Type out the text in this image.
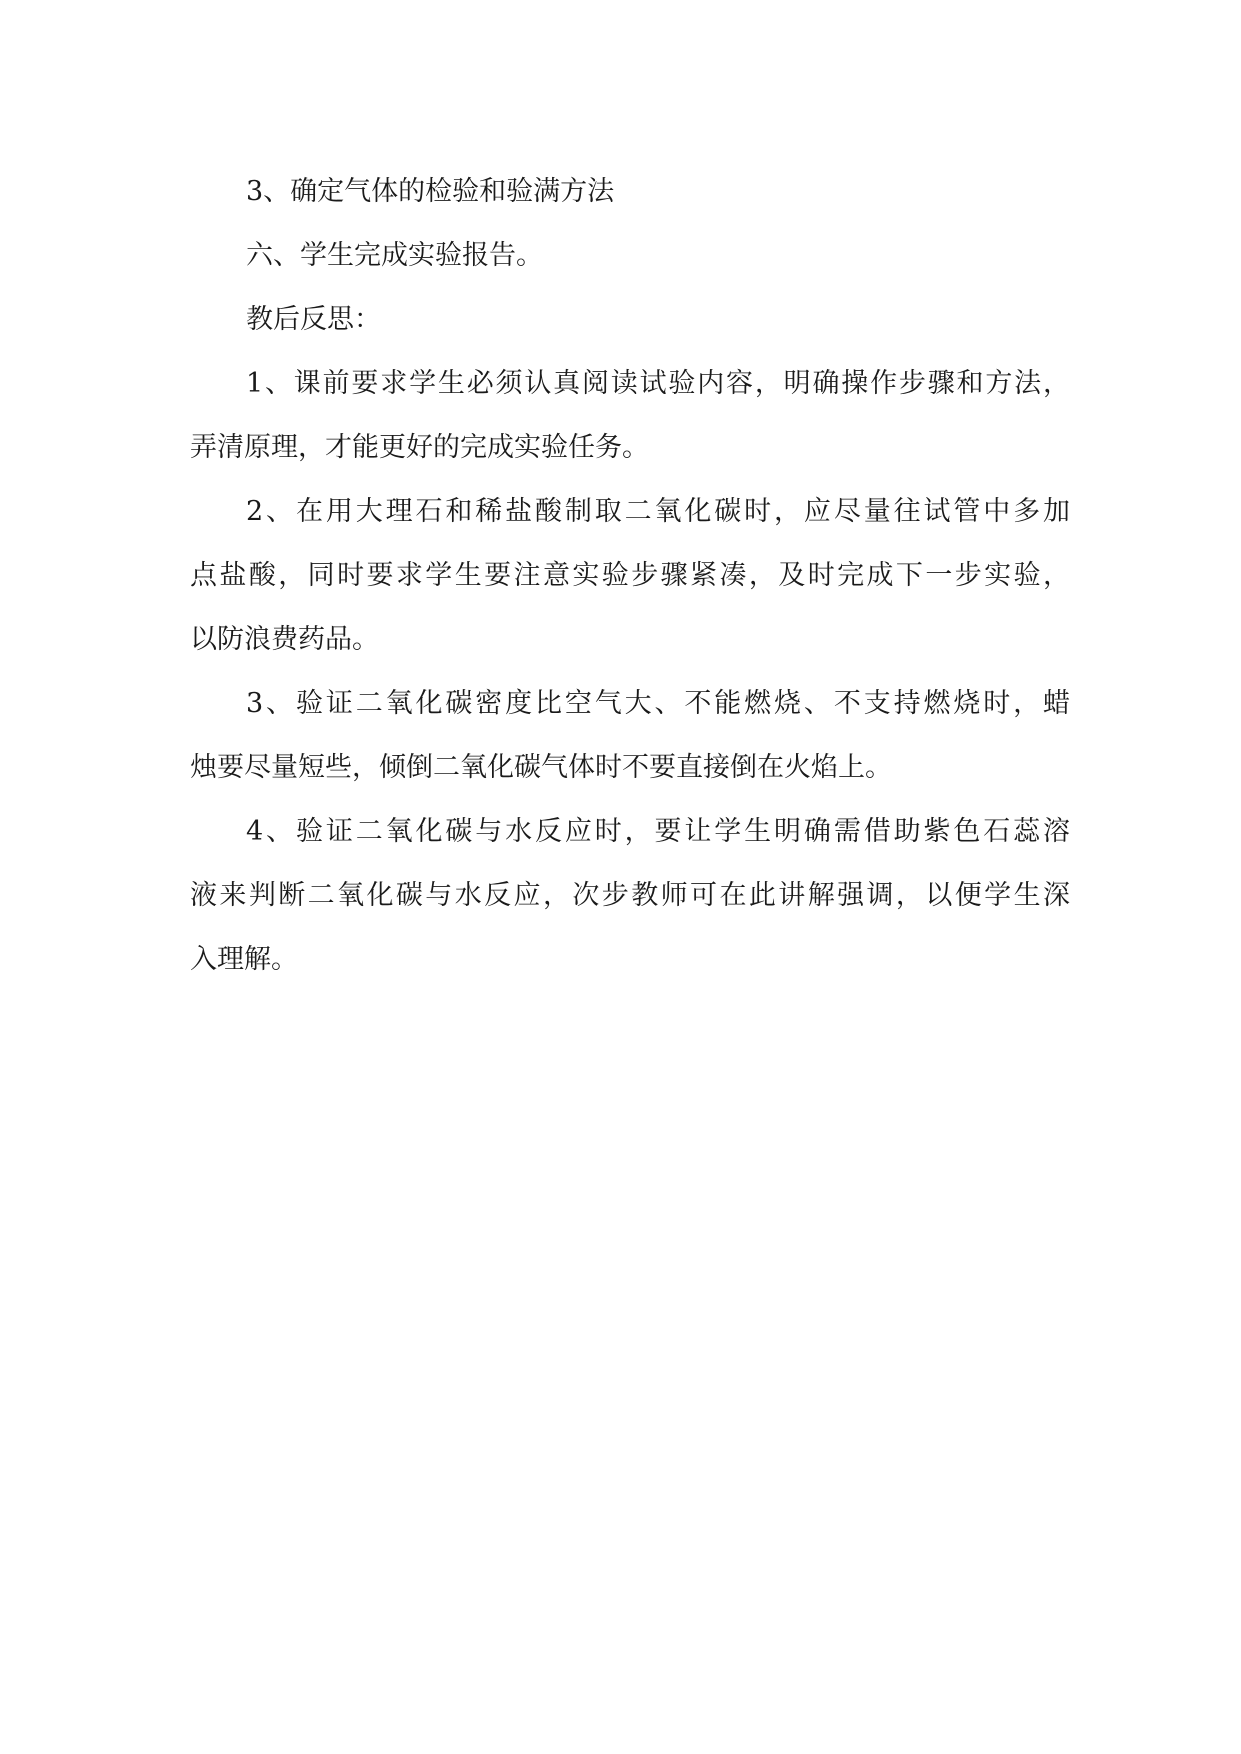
3、确定气体的检验和验满方法

六、学生完成实验报告。

教后反思：

1、课前要求学生必须认真阅读试验内容，明确操作步骤和方法，

弄清原理，才能更好的完成实验任务。

2、在用大理石和稀盐酸制取二氧化碳时，应尽量往试管中多加

点盐酸，同时要求学生要注意实验步骤紧凑，及时完成下一步实验，

以防浪费药品。

3、验证二氧化碳密度比空气大、不能燃烧、不支持燃烧时，蜡

烛要尽量短些，倾倒二氧化碳气体时不要直接倒在火焰上。

4、验证二氧化碳与水反应时，要让学生明确需借助紫色石蕊溶

液来判断二氧化碳与水反应，次步教师可在此讲解强调，以便学生深

入理解。
